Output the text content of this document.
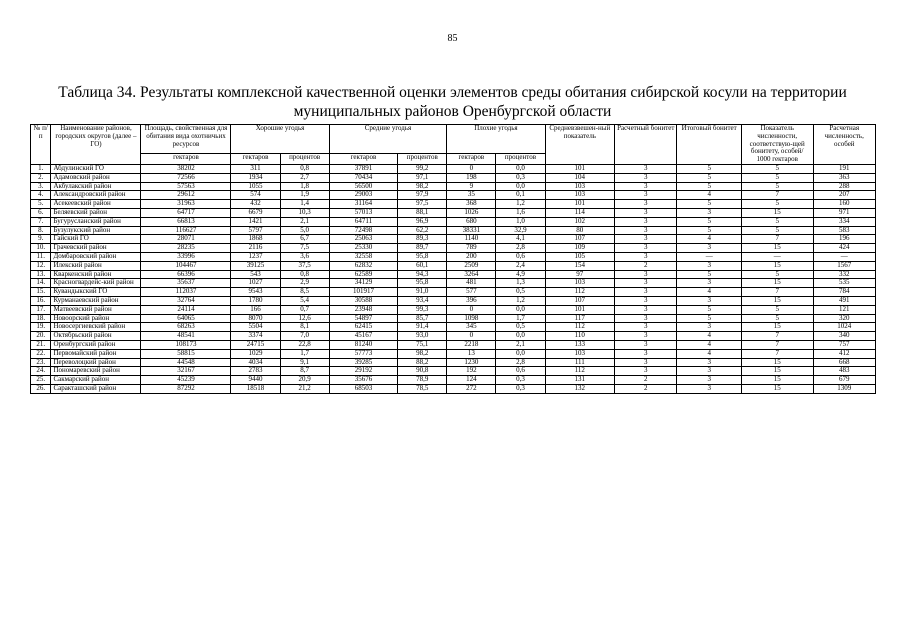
85
Таблица 34. Результаты комплексной качественной оценки элементов среды обитания сибирской косули на территории муниципальных районов Оренбургской области
№ п/п	Наименование районов, городских округов (далее – ГО)	Площадь, свойственная для обитания вида охотничьих ресурсов	Хорошие угодья		Средние угодья		Плохие угодья		Средневзвешен-ный показатель	Расчетный бонитет	Итоговый бонитет	Показатель численности, соответствую-щей бонитету, особей/ 1000 гектаров	Расчетная численность, особей
		гектаров	гектаров	процентов	гектаров	процентов	гектаров	процентов					
1.	Абдулинский ГО	38202	311	0,8	37891	99,2	0	0,0	101	3	5	5	191
2.	Адамовский район	72566	1934	2,7	70434	97,1	198	0,3	104	3	5	5	363
3.	Акбулакский район	57563	1055	1,8	56500	98,2	9	0,0	103	3	5	5	288
4.	Александровский район	29612	574	1,9	29003	97,9	35	0,1	103	3	4	7	207
5.	Асекеевский район	31963	432	1,4	31164	97,5	368	1,2	101	3	5	5	160
6.	Беляевский район	64717	6679	10,3	57013	88,1	1026	1,6	114	3	3	15	971
7.	Бугурусланский район	66813	1421	2,1	64711	96,9	680	1,0	102	3	5	5	334
8.	Бузулукский район	116627	5797	5,0	72498	62,2	38331	32,9	80	3	5	5	583
9.	Гайский ГО	28071	1868	6,7	25063	89,3	1140	4,1	107	3	4	7	196
10.	Грачевский район	28235	2116	7,5	25330	89,7	789	2,8	109	3	3	15	424
11.	Домбаровский район	33996	1237	3,6	32558	95,8	200	0,6	105	3	—	—	—
12.	Илекский район	104467	39125	37,5	62832	60,1	2509	2,4	154	2	3	15	1567
13.	Кваркенский район	66396	543	0,8	62589	94,3	3264	4,9	97	3	5	5	332
14.	Красногвардейс-кий район	35637	1027	2,9	34129	95,8	481	1,3	103	3	3	15	535
15.	Кувандыкский ГО	112037	9543	8,5	101917	91,0	577	0,5	112	3	4	7	784
16.	Курманаевский район	32764	1780	5,4	30588	93,4	396	1,2	107	3	3	15	491
17.	Матвеевский район	24114	166	0,7	23948	99,3	0	0,0	101	3	5	5	121
18.	Новоорский район	64065	8070	12,6	54897	85,7	1098	1,7	117	3	5	5	320
19.	Новосергиевский район	68263	5504	8,1	62415	91,4	345	0,5	112	3	3	15	1024
20.	Октябрьский район	48541	3374	7,0	45167	93,0	0	0,0	110	3	4	7	340
21.	Оренбургский район	108173	24715	22,8	81240	75,1	2218	2,1	133	3	4	7	757
22.	Первомайский район	58815	1029	1,7	57773	98,2	13	0,0	103	3	4	7	412
23.	Переволоцкий район	44548	4034	9,1	39285	88,2	1230	2,8	111	3	3	15	668
24.	Пономаревский район	32167	2783	8,7	29192	90,8	192	0,6	112	3	3	15	483
25.	Сакмарский район	45239	9440	20,9	35676	78,9	124	0,3	131	2	3	15	679
26.	Саракташский район	87292	18518	21,2	68503	78,5	272	0,3	132	2	3	15	1309
